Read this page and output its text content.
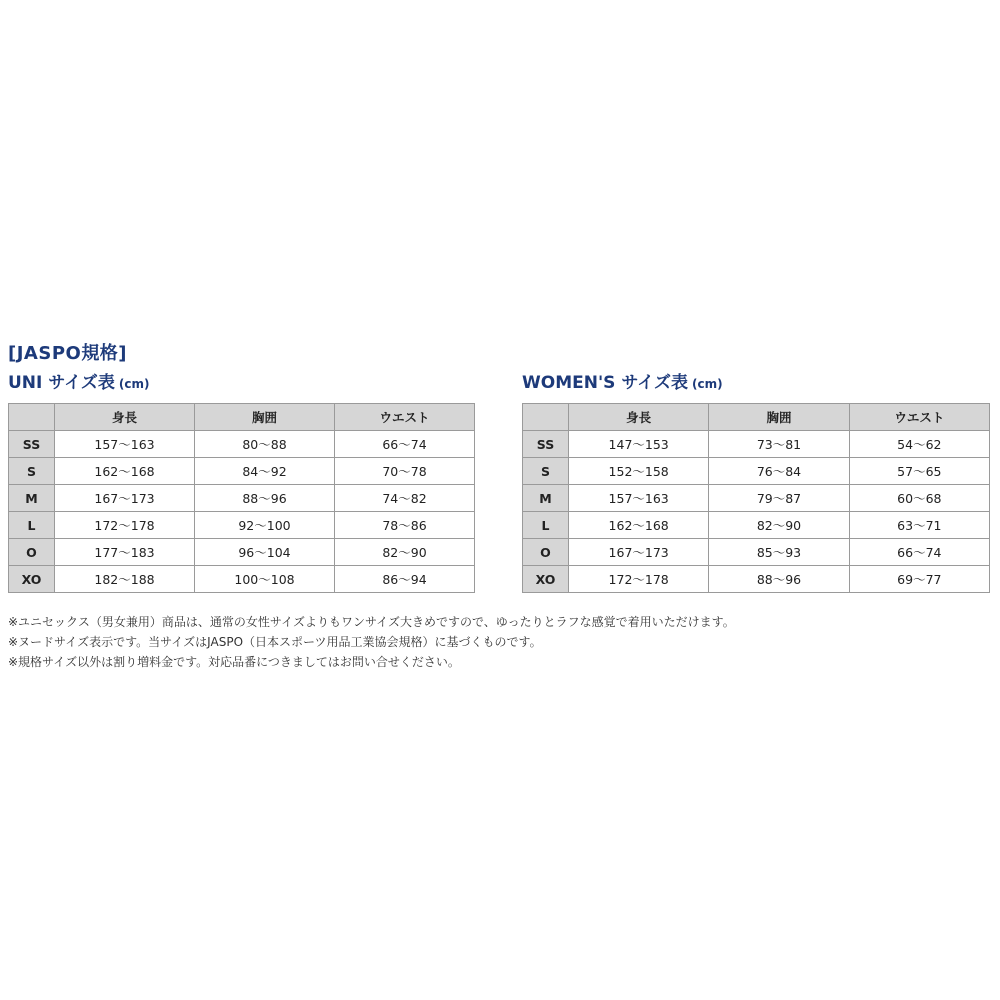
[JASPO規格]
UNI サイズ表 (cm)
	身長	胸囲	ウエスト
SS	157～163	80～88	66～74
S	162～168	84～92	70～78
M	167～173	88～96	74～82
L	172～178	92～100	78～86
O	177～183	96～104	82～90
XO	182～188	100～108	86～94
WOMEN'S サイズ表 (cm)
	身長	胸囲	ウエスト
SS	147～153	73～81	54～62
S	152～158	76～84	57～65
M	157～163	79～87	60～68
L	162～168	82～90	63～71
O	167～173	85～93	66～74
XO	172～178	88～96	69～77
※ユニセックス（男女兼用）商品は、通常の女性サイズよりもワンサイズ大きめですので、ゆったりとラフな感覚で着用いただけます。
※ヌードサイズ表示です。当サイズはJASPO（日本スポーツ用品工業協会規格）に基づくものです。
※規格サイズ以外は割り増料金です。対応品番につきましてはお問い合せください。
